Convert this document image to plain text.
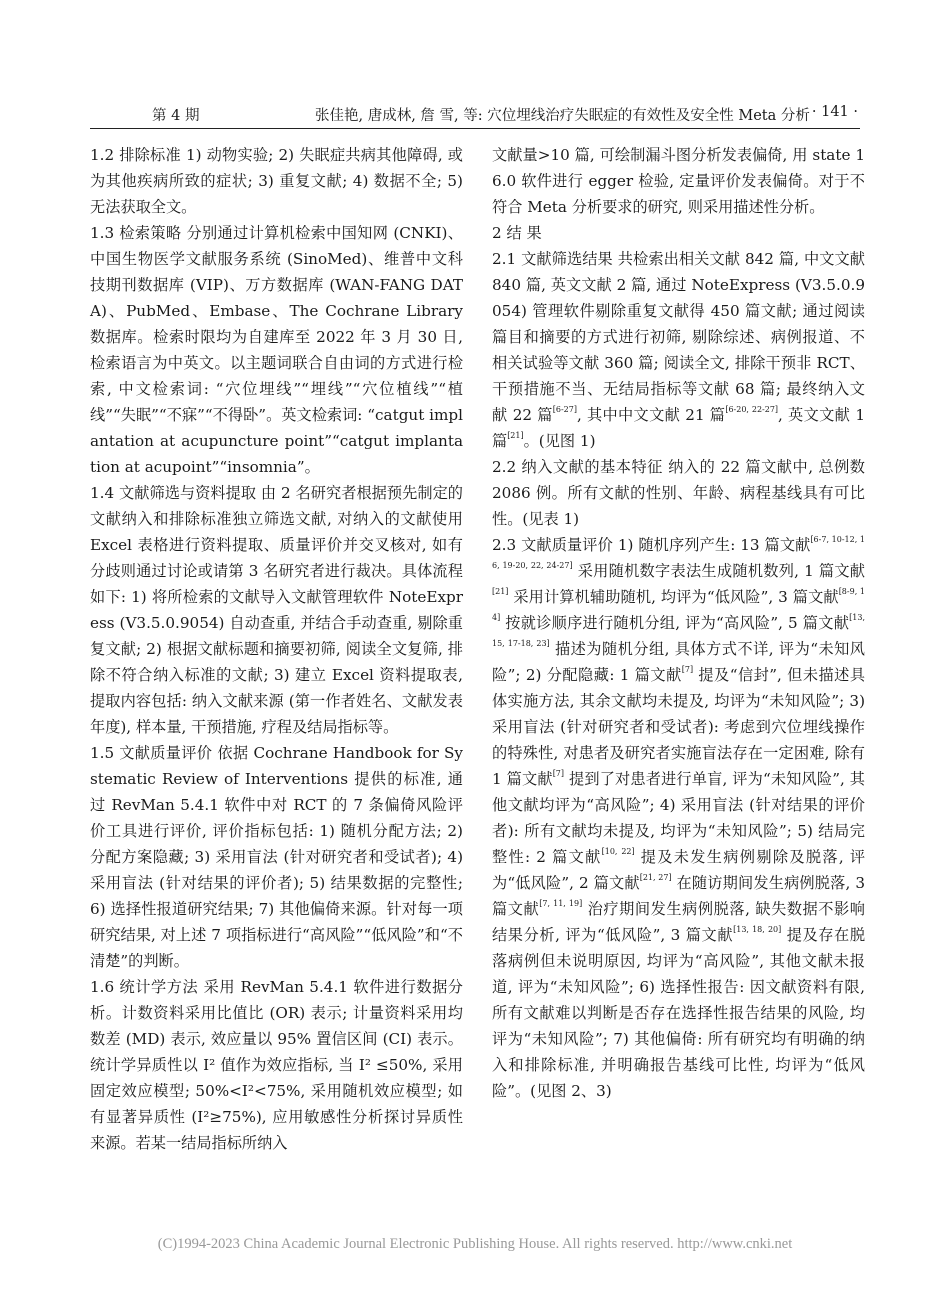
第 4 期	张佳艳, 唐成林, 詹 雪, 等: 穴位埋线治疗失眠症的有效性及安全性 Meta 分析 · 141 ·

1.2 排除标准 1) 动物实验; 2) 失眠症共病其他障碍, 或为其他疾病所致的症状; 3) 重复文献; 4) 数据不全; 5) 无法获取全文。

1.3 检索策略 分别通过计算机检索中国知网 (CNKI)、中国生物医学文献服务系统 (SinoMed)、维普中文科技期刊数据库 (VIP)、万方数据库 (WAN-FANG DATA)、PubMed、Embase、The Cochrane Library 数据库。检索时限均为自建库至 2022 年 3 月 30 日, 检索语言为中英文。以主题词联合自由词的方式进行检索, 中文检索词: “穴位埋线”“埋线”“穴位植线”“植线”“失眠”“不寐”“不得卧”。英文检索词: “catgut implantation at acupuncture point”“catgut implantation at acupoint”“insomnia”。

1.4 文献筛选与资料提取 由 2 名研究者根据预先制定的文献纳入和排除标准独立筛选文献, 对纳入的文献使用 Excel 表格进行资料提取、质量评价并交叉核对, 如有分歧则通过讨论或请第 3 名研究者进行裁决。具体流程如下: 1) 将所检索的文献导入文献管理软件 NoteExpress (V3.5.0.9054) 自动查重, 并结合手动查重, 剔除重复文献; 2) 根据文献标题和摘要初筛, 阅读全文复筛, 排除不符合纳入标准的文献; 3) 建立 Excel 资料提取表, 提取内容包括: 纳入文献来源 (第一作者姓名、文献发表年度), 样本量, 干预措施, 疗程及结局指标等。

1.5 文献质量评价 依据 Cochrane Handbook for Systematic Review of Interventions 提供的标准, 通过 RevMan 5.4.1 软件中对 RCT 的 7 条偏倚风险评价工具进行评价, 评价指标包括: 1) 随机分配方法; 2) 分配方案隐藏; 3) 采用盲法 (针对研究者和受试者); 4) 采用盲法 (针对结果的评价者); 5) 结果数据的完整性; 6) 选择性报道研究结果; 7) 其他偏倚来源。针对每一项研究结果, 对上述 7 项指标进行“高风险”“低风险”和“不清楚”的判断。

1.6 统计学方法 采用 RevMan 5.4.1 软件进行数据分析。计数资料采用比值比 (OR) 表示; 计量资料采用均数差 (MD) 表示, 效应量以 95% 置信区间 (CI) 表示。统计学异质性以 I² 值作为效应指标, 当 I² ≤50%, 采用固定效应模型; 50%<I²<75%, 采用随机效应模型; 如有显著异质性 (I²≥75%), 应用敏感性分析探讨异质性来源。若某一结局指标所纳入

文献量>10 篇, 可绘制漏斗图分析发表偏倚, 用 state 16.0 软件进行 egger 检验, 定量评价发表偏倚。对于不符合 Meta 分析要求的研究, 则采用描述性分析。

2 结 果

2.1 文献筛选结果 共检索出相关文献 842 篇, 中文文献 840 篇, 英文文献 2 篇, 通过 NoteExpress (V3.5.0.9054) 管理软件剔除重复文献得 450 篇文献; 通过阅读篇目和摘要的方式进行初筛, 剔除综述、病例报道、不相关试验等文献 360 篇; 阅读全文, 排除干预非 RCT、干预措施不当、无结局指标等文献 68 篇; 最终纳入文献 22 篇[6-27], 其中中文文献 21 篇[6-20, 22-27], 英文文献 1 篇[21]。(见图 1)

2.2 纳入文献的基本特征 纳入的 22 篇文献中, 总例数 2086 例。所有文献的性别、年龄、病程基线具有可比性。(见表 1)

2.3 文献质量评价 1) 随机序列产生: 13 篇文献[6-7, 10-12, 16, 19-20, 22, 24-27] 采用随机数字表法生成随机数列, 1 篇文献[21] 采用计算机辅助随机, 均评为“低风险”, 3 篇文献[8-9, 14] 按就诊顺序进行随机分组, 评为“高风险”, 5 篇文献[13, 15, 17-18, 23] 描述为随机分组, 具体方式不详, 评为“未知风险”; 2) 分配隐藏: 1 篇文献[7] 提及“信封”, 但未描述具体实施方法, 其余文献均未提及, 均评为“未知风险”; 3) 采用盲法 (针对研究者和受试者): 考虑到穴位埋线操作的特殊性, 对患者及研究者实施盲法存在一定困难, 除有 1 篇文献[7] 提到了对患者进行单盲, 评为“未知风险”, 其他文献均评为“高风险”; 4) 采用盲法 (针对结果的评价者): 所有文献均未提及, 均评为“未知风险”; 5) 结局完整性: 2 篇文献[10, 22] 提及未发生病例剔除及脱落, 评为“低风险”, 2 篇文献[21, 27] 在随访期间发生病例脱落, 3 篇文献[7, 11, 19] 治疗期间发生病例脱落, 缺失数据不影响结果分析, 评为“低风险”, 3 篇文献[13, 18, 20] 提及存在脱落病例但未说明原因, 均评为“高风险”, 其他文献未报道, 评为“未知风险”; 6) 选择性报告: 因文献资料有限, 所有文献难以判断是否存在选择性报告结果的风险, 均评为“未知风险”; 7) 其他偏倚: 所有研究均有明确的纳入和排除标准, 并明确报告基线可比性, 均评为“低风险”。(见图 2、3)

(C)1994-2023 China Academic Journal Electronic Publishing House. All rights reserved. http://www.cnki.net
